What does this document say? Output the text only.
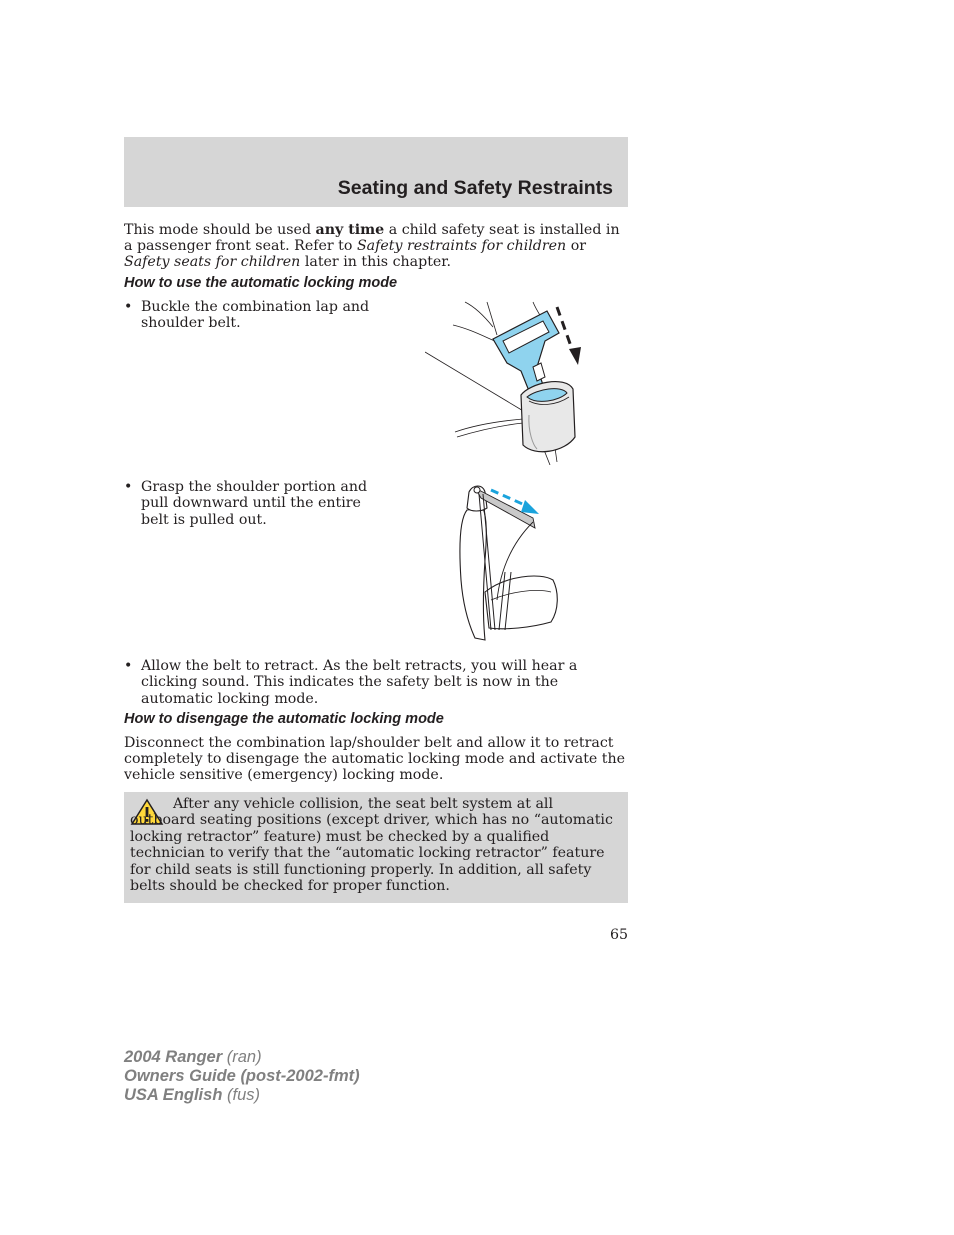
Seating and Safety Restraints
This mode should be used any time a child safety seat is installed in a passenger front seat. Refer to Safety restraints for children or Safety seats for children later in this chapter.
How to use the automatic locking mode
• Buckle the combination lap and shoulder belt.
• Grasp the shoulder portion and pull downward until the entire belt is pulled out.
• Allow the belt to retract. As the belt retracts, you will hear a clicking sound. This indicates the safety belt is now in the automatic locking mode.
How to disengage the automatic locking mode
Disconnect the combination lap/shoulder belt and allow it to retract completely to disengage the automatic locking mode and activate the vehicle sensitive (emergency) locking mode.
After any vehicle collision, the seat belt system at all outboard seating positions (except driver, which has no “automatic locking retractor” feature) must be checked by a qualified technician to verify that the “automatic locking retractor” feature for child seats is still functioning properly. In addition, all safety belts should be checked for proper function.
65
2004 Ranger (ran)
Owners Guide (post-2002-fmt)
USA English (fus)
